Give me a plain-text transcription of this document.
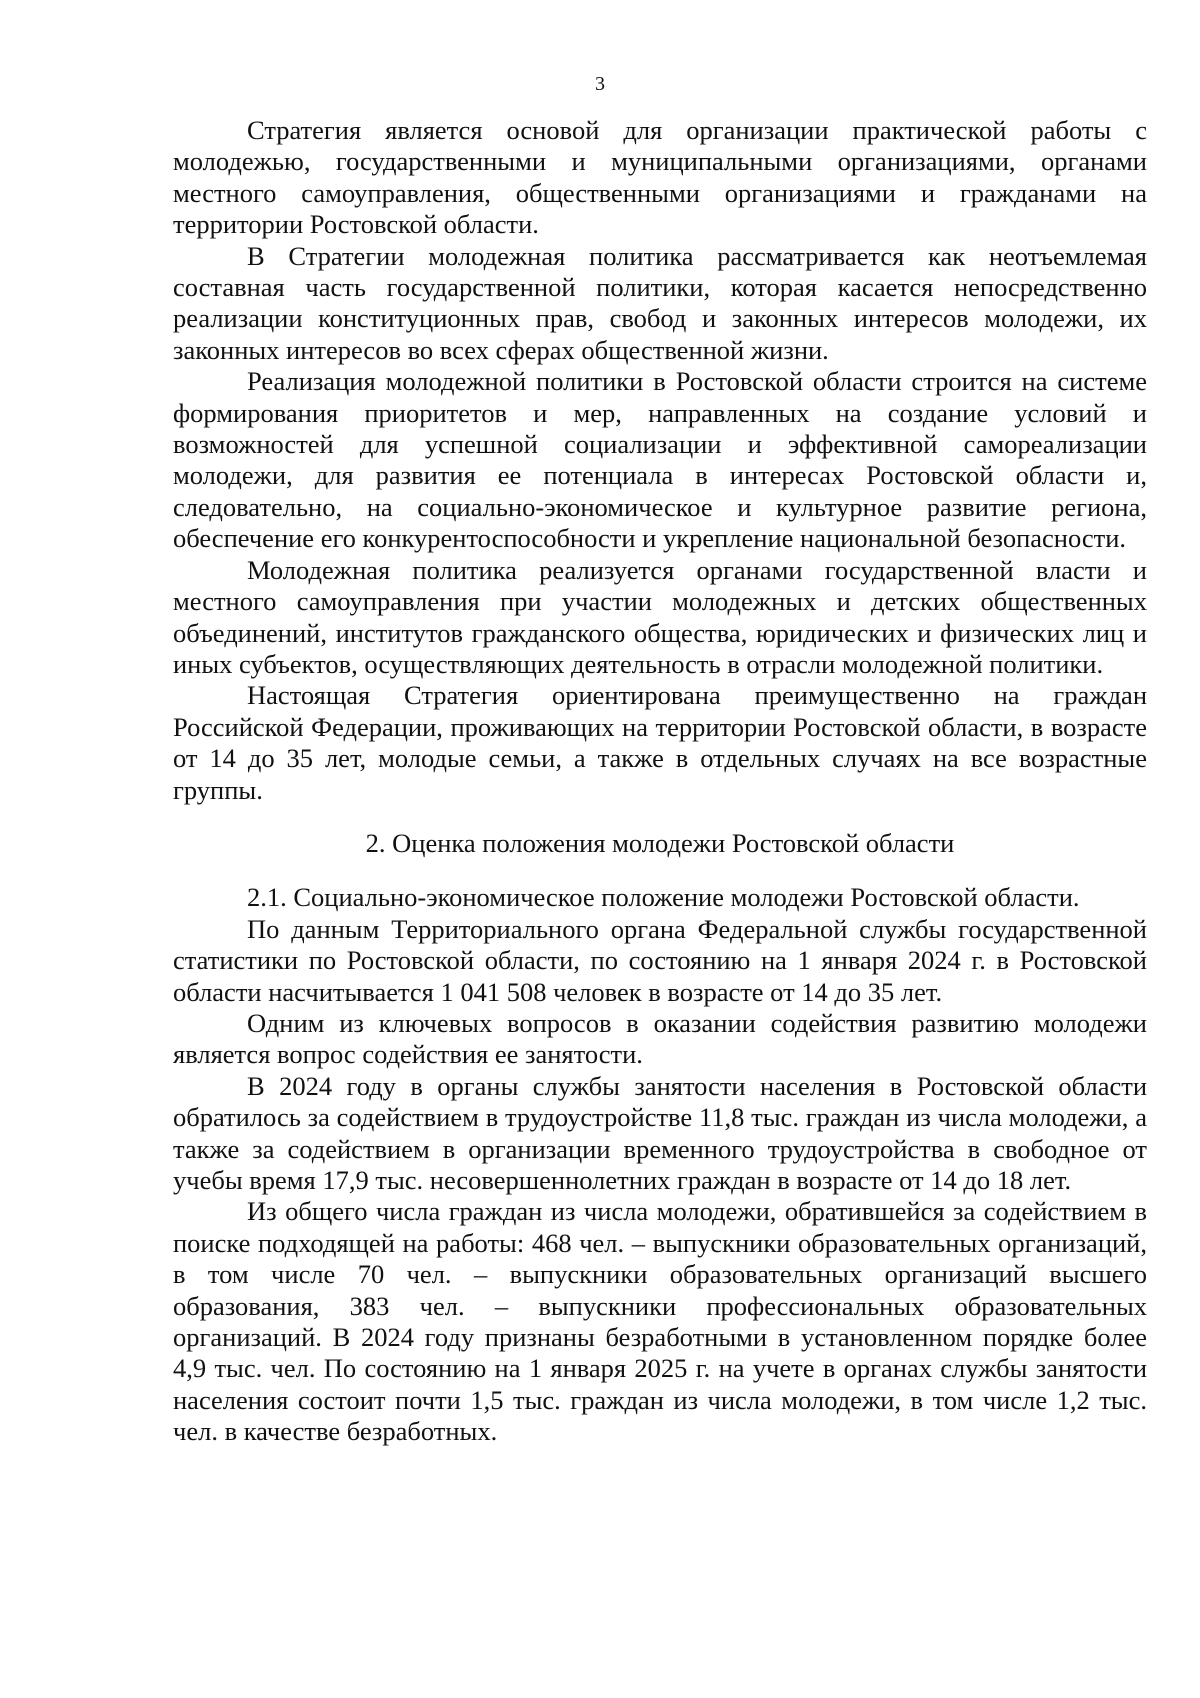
3

Стратегия является основой для организации практической работы с молодежью, государственными и муниципальными организациями, органами местного самоуправления, общественными организациями и гражданами на территории Ростовской области.

В Стратегии молодежная политика рассматривается как неотъемлемая составная часть государственной политики, которая касается непосредственно реализации конституционных прав, свобод и законных интересов молодежи, их законных интересов во всех сферах общественной жизни.

Реализация молодежной политики в Ростовской области строится на системе формирования приоритетов и мер, направленных на создание условий и возможностей для успешной социализации и эффективной самореализации молодежи, для развития ее потенциала в интересах Ростовской области и, следовательно, на социально-экономическое и культурное развитие региона, обеспечение его конкурентоспособности и укрепление национальной безопасности.

Молодежная политика реализуется органами государственной власти и местного самоуправления при участии молодежных и детских общественных объединений, институтов гражданского общества, юридических и физических лиц и иных субъектов, осуществляющих деятельность в отрасли молодежной политики.

Настоящая Стратегия ориентирована преимущественно на граждан Российской Федерации, проживающих на территории Ростовской области, в возрасте от 14 до 35 лет, молодые семьи, а также в отдельных случаях на все возрастные группы.

2. Оценка положения молодежи Ростовской области

2.1. Социально-экономическое положение молодежи Ростовской области.

По данным Территориального органа Федеральной службы государственной статистики по Ростовской области, по состоянию на 1 января 2024 г. в Ростовской области насчитывается 1 041 508 человек в возрасте от 14 до 35 лет.

Одним из ключевых вопросов в оказании содействия развитию молодежи является вопрос содействия ее занятости.

В 2024 году в органы службы занятости населения в Ростовской области обратилось за содействием в трудоустройстве 11,8 тыс. граждан из числа молодежи, а также за содействием в организации временного трудоустройства в свободное от учебы время 17,9 тыс. несовершеннолетних граждан в возрасте от 14 до 18 лет.

Из общего числа граждан из числа молодежи, обратившейся за содействием в поиске подходящей на работы: 468 чел. – выпускники образовательных организаций, в том числе 70 чел. – выпускники образовательных организаций высшего образования, 383 чел. – выпускники профессиональных образовательных организаций. В 2024 году признаны безработными в установленном порядке более 4,9 тыс. чел. По состоянию на 1 января 2025 г. на учете в органах службы занятости населения состоит почти 1,5 тыс. граждан из числа молодежи, в том числе 1,2 тыс. чел. в качестве безработных.
